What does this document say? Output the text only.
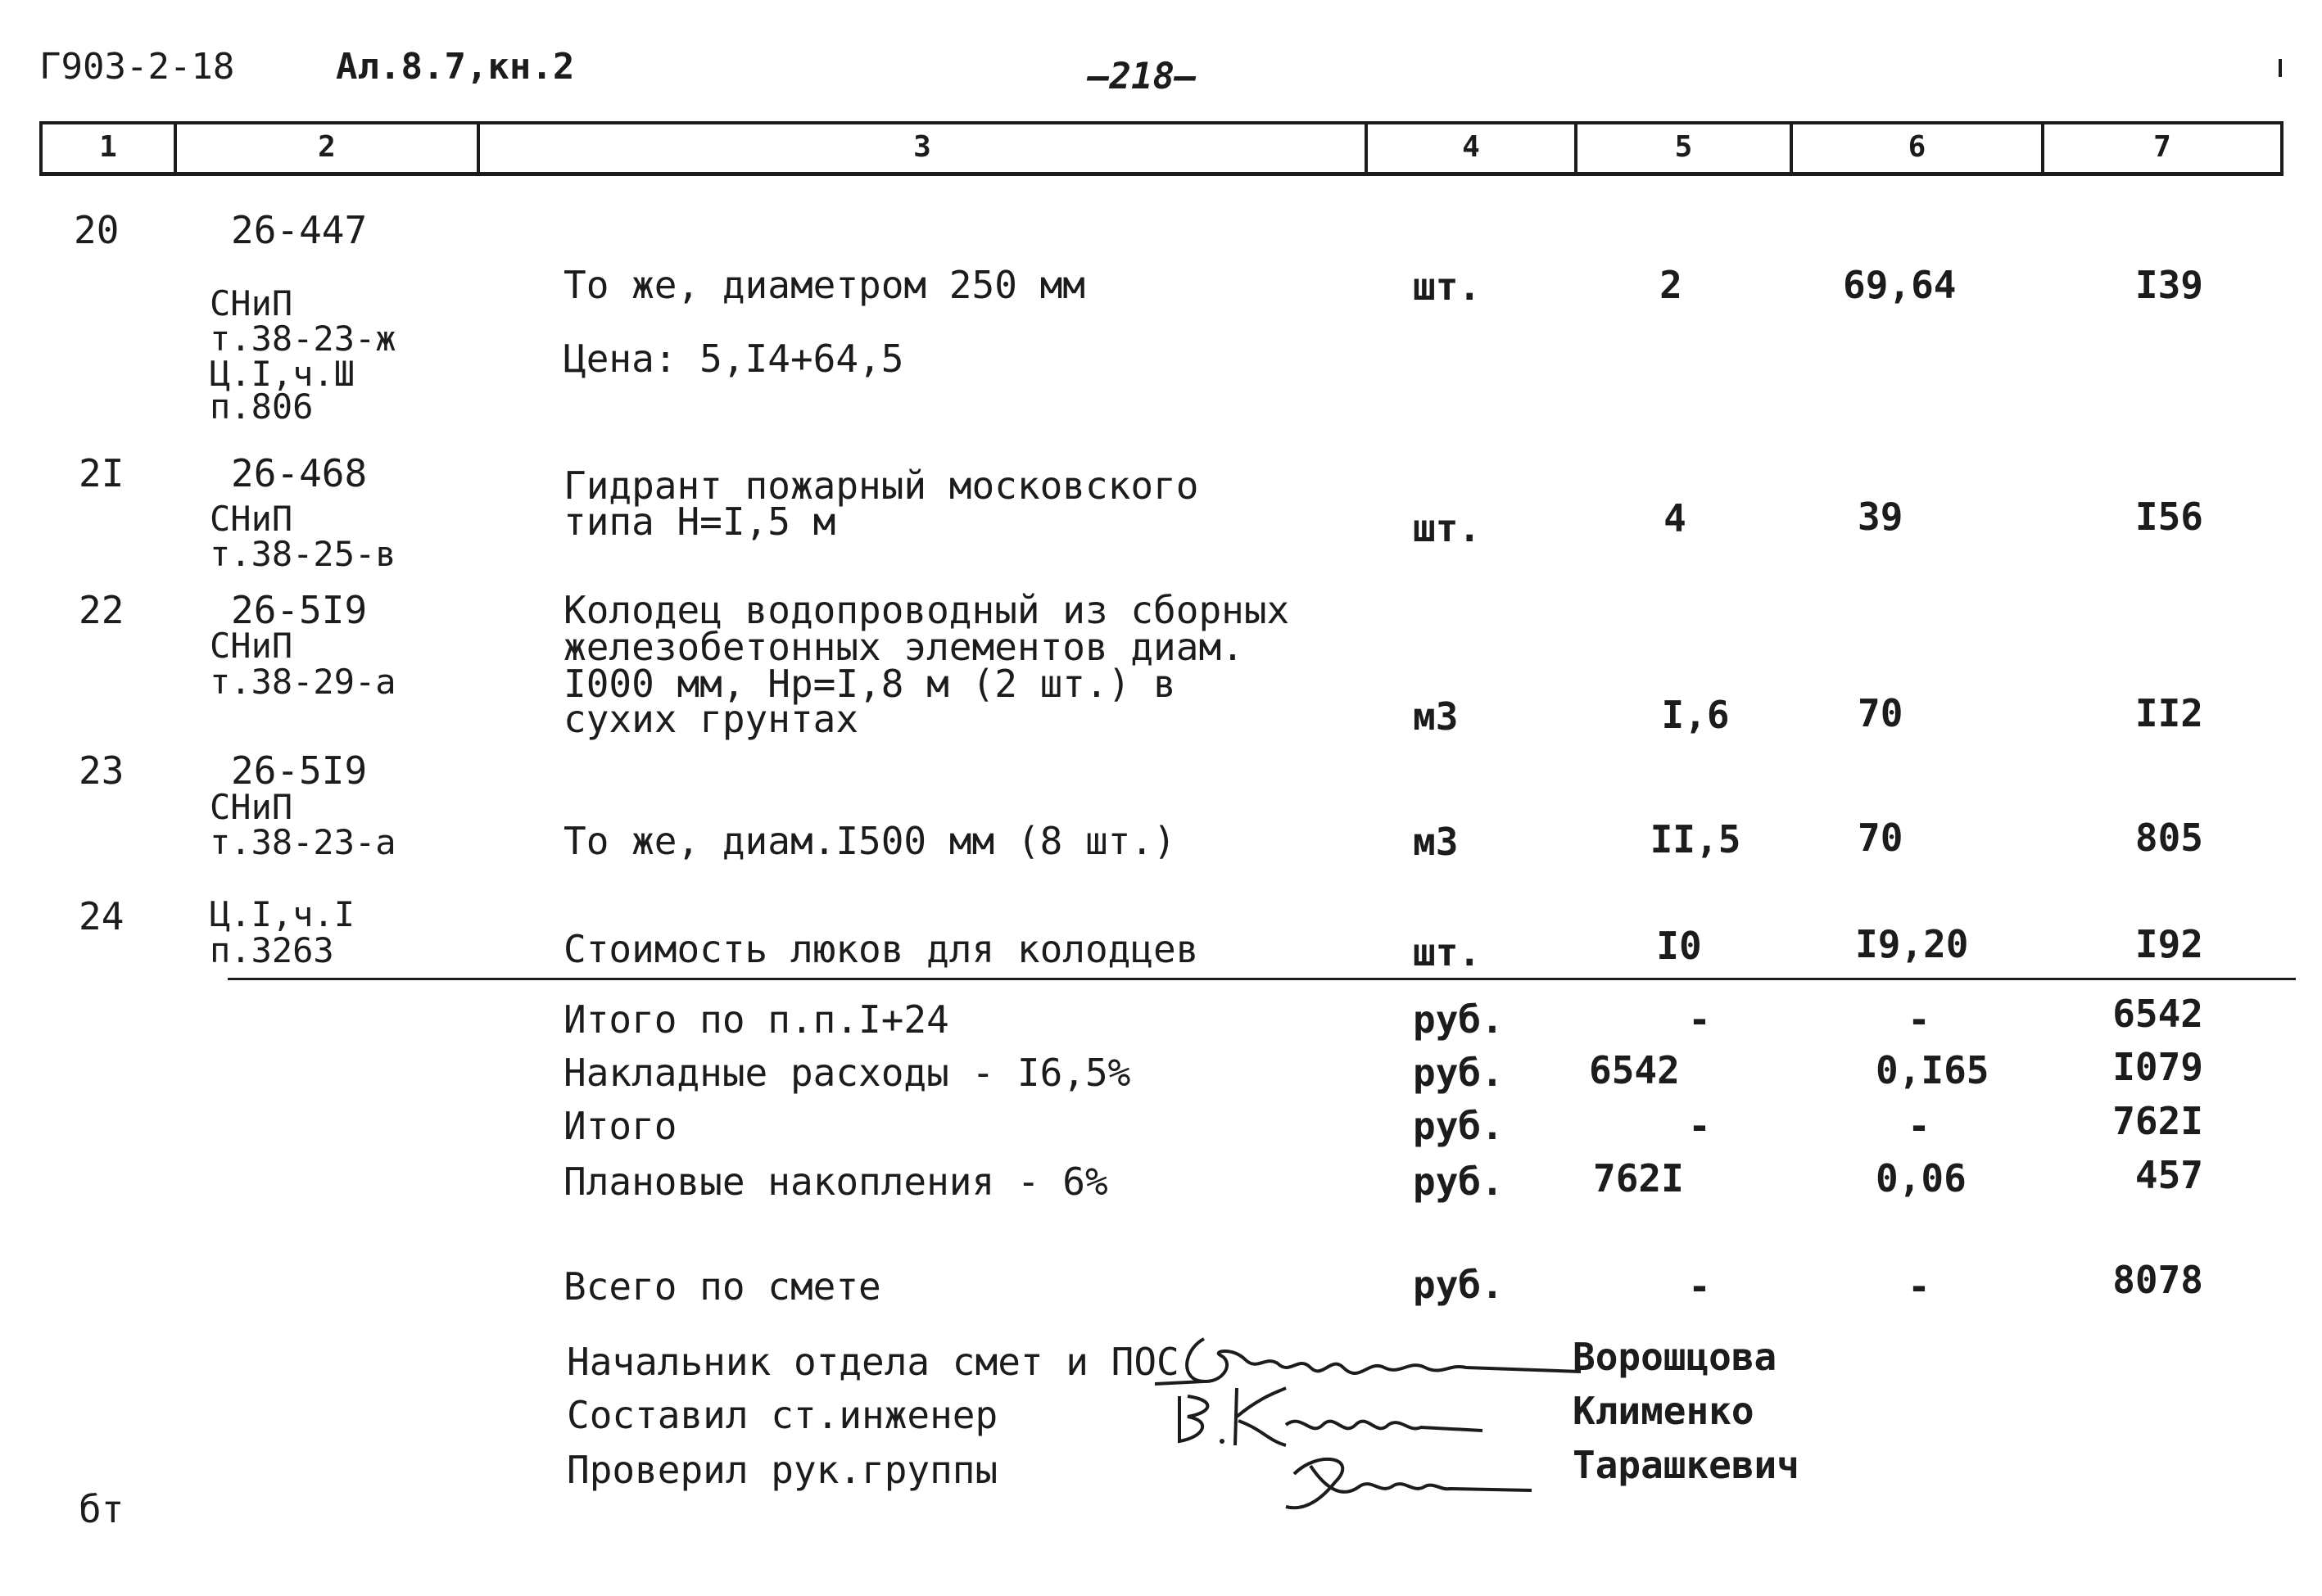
Г903-2-18	Ал.8.7,кн.2	—218—
1	2	3	4	5	6	7
20	26-447
СНиП
т.38-23-ж
Ц.I,ч.Ш
п.806
То же, диаметром 250 мм
Цена: 5,I4+64,5
шт.	2	69,64	I39
2I	26-468
СНиП
т.38-25-в
Гидрант пожарный московского
типа Н=I,5 м	шт.	4	39	I56
22	26-5I9
СНиП
т.38-29-а
Колодец водопроводный из сборных
железобетонных элементов диам.
I000 мм, Нр=I,8 м (2 шт.) в
сухих грунтах	м3	I,6	70	II2
23	26-5I9
СНиП
т.38-23-а	То же, диам.I500 мм (8 шт.)	м3	II,5	70	805
24 Ц.I,ч.I
п.3263	Стоимость люков для колодцев	шт.	I0	I9,20	I92
Итого по п.п.I+24	руб.	-	-	6542
Накладные расходы - I6,5%	руб. 6542	0,I65	I079
Итого	руб.	-	-	762I
Плановые накопления - 6%	руб. 762I	0,06	457
Всего по смете	руб.	-	-	8078
Начальник отдела смет и ПОС	Ворошцова
Составил ст.инженер	Клименко
Проверил рук.группы	Тарашкевич
бт
